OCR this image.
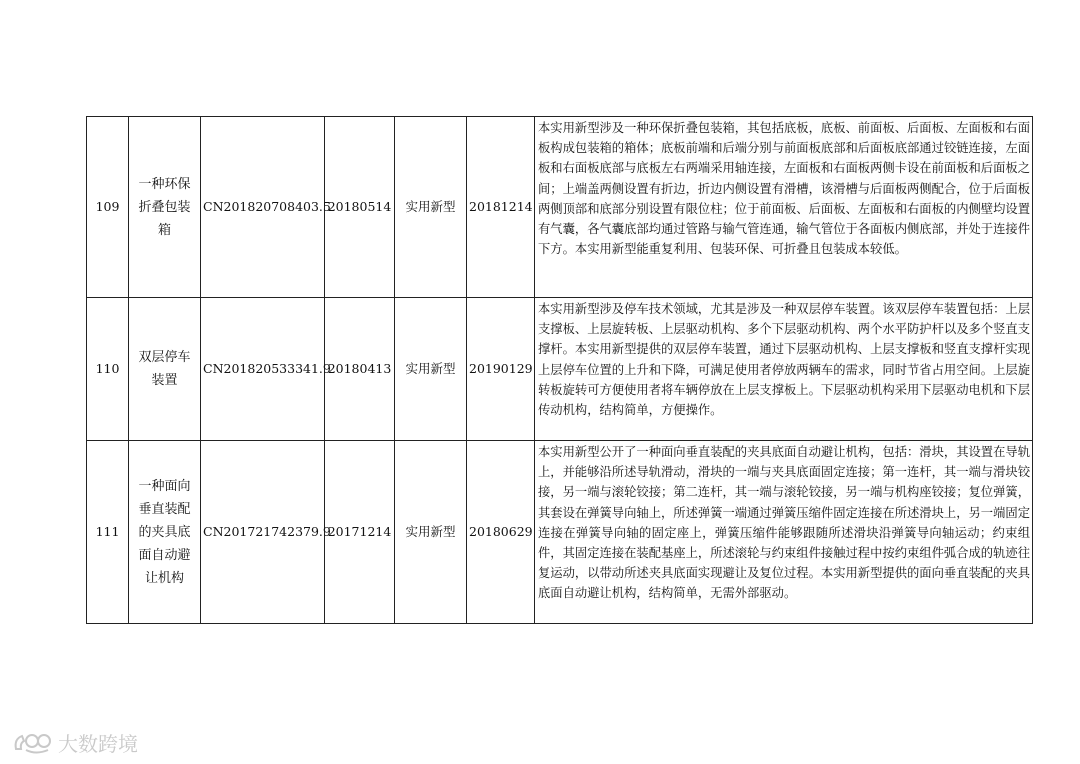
109	一种环保折叠包装箱	CN201820708403.5	20180514	实用新型	20181214	本实用新型涉及一种环保折叠包装箱，其包括底板，底板、前面板、后面板、左面板和右面板构成包装箱的箱体；底板前端和后端分别与前面板底部和后面板底部通过铰链连接，左面板和右面板底部与底板左右两端采用轴连接，左面板和右面板两侧卡设在前面板和后面板之间；上端盖两侧设置有折边，折边内侧设置有滑槽，该滑槽与后面板两侧配合，位于后面板两侧顶部和底部分别设置有限位柱；位于前面板、后面板、左面板和右面板的内侧壁均设置有气囊，各气囊底部均通过管路与输气管连通，输气管位于各面板内侧底部，并处于连接件下方。本实用新型能重复利用、包装环保、可折叠且包装成本较低。
110	双层停车装置	CN201820533341.9	20180413	实用新型	20190129	本实用新型涉及停车技术领域，尤其是涉及一种双层停车装置。该双层停车装置包括：上层支撑板、上层旋转板、上层驱动机构、多个下层驱动机构、两个水平防护杆以及多个竖直支撑杆。本实用新型提供的双层停车装置，通过下层驱动机构、上层支撑板和竖直支撑杆实现上层停车位置的上升和下降，可满足使用者停放两辆车的需求，同时节省占用空间。上层旋转板旋转可方便使用者将车辆停放在上层支撑板上。下层驱动机构采用下层驱动电机和下层传动机构，结构简单，方便操作。
111	一种面向垂直装配的夹具底面自动避让机构	CN201721742379.9	20171214	实用新型	20180629	本实用新型公开了一种面向垂直装配的夹具底面自动避让机构，包括：滑块，其设置在导轨上，并能够沿所述导轨滑动，滑块的一端与夹具底面固定连接；第一连杆，其一端与滑块铰接，另一端与滚轮铰接；第二连杆，其一端与滚轮铰接，另一端与机构座铰接；复位弹簧，其套设在弹簧导向轴上，所述弹簧一端通过弹簧压缩件固定连接在所述滑块上，另一端固定连接在弹簧导向轴的固定座上，弹簧压缩件能够跟随所述滑块沿弹簧导向轴运动；约束组件，其固定连接在装配基座上，所述滚轮与约束组件接触过程中按约束组件弧合成的轨迹往复运动，以带动所述夹具底面实现避让及复位过程。本实用新型提供的面向垂直装配的夹具底面自动避让机构，结构简单，无需外部驱动。
大数跨境
